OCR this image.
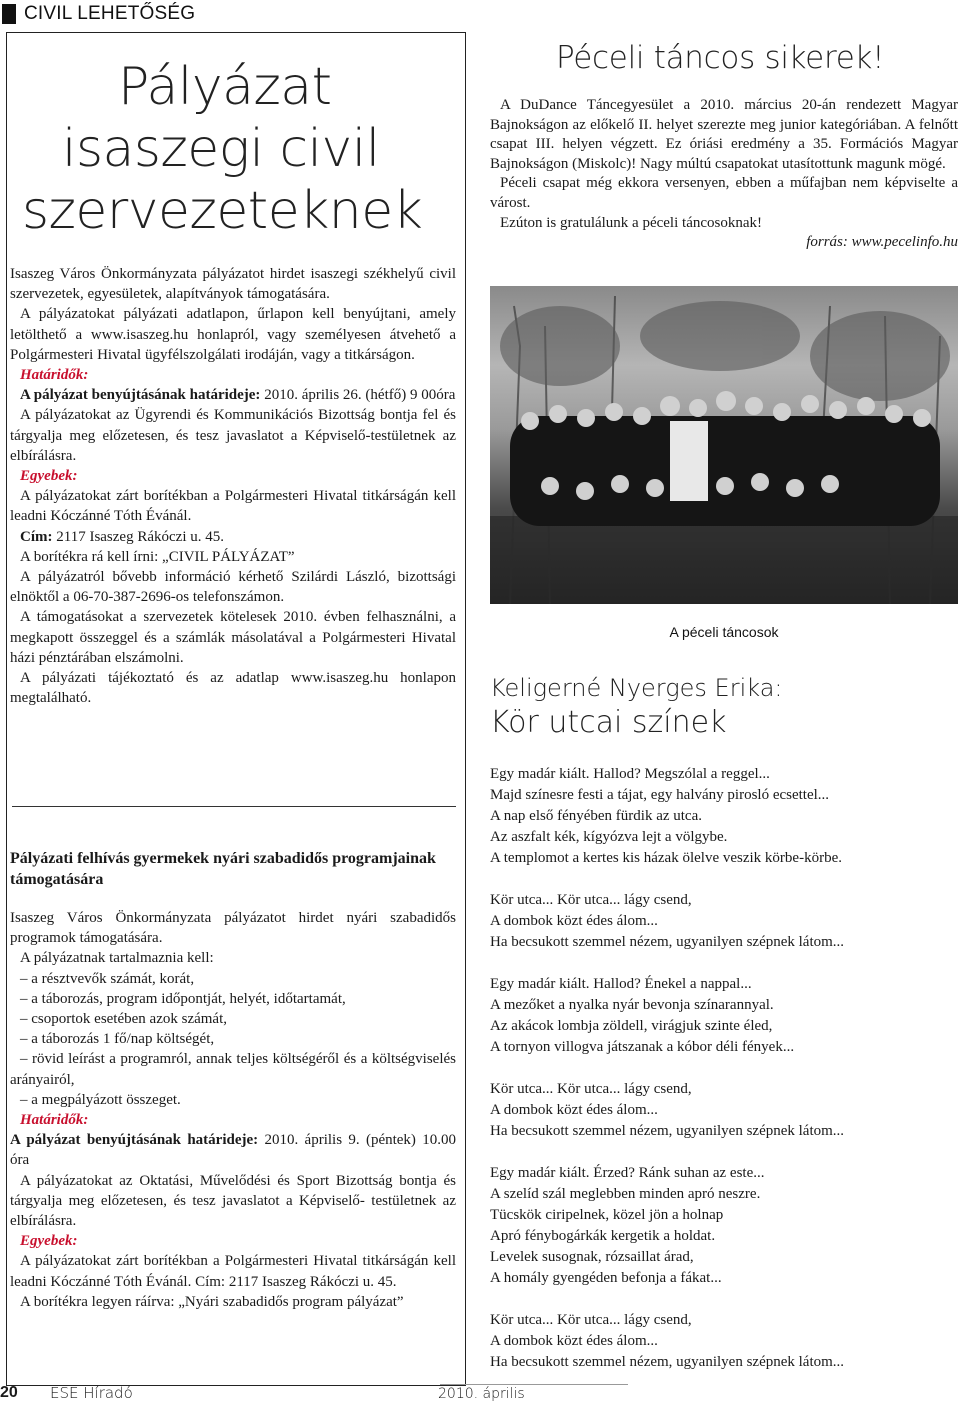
CIVIL LEHETŐSÉG
Pályázat
isaszegi civil
szervezeteknek

Isaszeg Város Önkormányzata pályázatot hirdet isaszegi székhelyű civil szervezetek, egyesületek, alapítványok támogatására.

A pályázatokat pályázati adatlapon, űrlapon kell benyújtani, amely letölthető a www.isaszeg.hu honlapról, vagy személyesen átvehető a Polgármesteri Hivatal ügyfélszolgálati irodáján, vagy a titkárságon.

Határidők:

A pályázat benyújtásának határideje: 2010. április 26. (hétfő) 9 00óra

A pályázatokat az Ügyrendi és Kommunikációs Bizottság bontja fel és tárgyalja meg előzetesen, és tesz javaslatot a Képviselő-testületnek az elbírálásra.

Egyebek:

A pályázatokat zárt borítékban a Polgármesteri Hivatal titkárságán kell leadni Kóczánné Tóth Évánál.

Cím: 2117 Isaszeg Rákóczi u. 45.

A borítékra rá kell írni: „CIVIL PÁLYÁZAT”

A pályázatról bővebb információ kérhető Szilárdi László, bizottsági elnöktől a 06-70-387-2696-os telefonszámon.

A támogatásokat a szervezetek kötelesek 2010. évben felhasználni, a megkapott összeggel és a számlák másolatával a Polgármesteri Hivatal házi pénztárában elszámolni.

A pályázati tájékoztató és az adatlap www.isaszeg.hu honlapon megtalálható.

Pályázati felhívás gyermekek nyári szabadidős programjainak támogatására

Isaszeg Város Önkormányzata pályázatot hirdet nyári szabadidős programok támogatására.

A pályázatnak tartalmaznia kell:

– a résztvevők számát, korát,

– a táborozás, program időpontját, helyét, időtartamát,

– csoportok esetében azok számát,

– a táborozás 1 fő/nap költségét,

– rövid leírást a programról, annak teljes költségéről és a költségviselés arányairól,

– a megpályázott összeget.

Határidők:

A pályázat benyújtásának határideje: 2010. április 9. (péntek) 10.00 óra

A pályázatokat az Oktatási, Művelődési és Sport Bizottság bontja és tárgyalja meg előzetesen, és tesz javaslatot a Képviselő- testületnek az elbírálásra.

Egyebek:

A pályázatokat zárt borítékban a Polgármesteri Hivatal titkárságán kell leadni Kóczánné Tóth Évánál. Cím: 2117 Isaszeg Rákóczi u. 45.

A borítékra legyen ráírva: „Nyári szabadidős program pályázat”

Péceli táncos sikerek!

A DuDance Táncegyesület a 2010. március 20-án rendezett Magyar Bajnokságon az előkelő II. helyet szerezte meg junior kategóriában. A felnőtt csapat III. helyen végzett. Ez óriási eredmény a 35. Formációs Magyar Bajnokságon (Miskolc)! Nagy múltú csapatokat utasítottunk magunk mögé.

Péceli csapat még ekkora versenyen, ebben a műfajban nem képviselte a várost.

Ezúton is gratulálunk a péceli táncosoknak!

forrás: www.pecelinfo.hu

A péceli táncosok
Keligerné Nyerges Erika:
Kör utcai színek
Egy madár kiált. Hallod? Megszólal a reggel...
Majd színesre festi a tájat, egy halvány pirosló ecsettel...
A nap első fényében fürdik az utca.
Az aszfalt kék, kígyózva lejt a völgybe.
A templomot a kertes kis házak ölelve veszik körbe-körbe.
Kör utca... Kör utca... lágy csend,
A dombok közt édes álom...
Ha becsukott szemmel nézem, ugyanilyen szépnek látom...
Egy madár kiált. Hallod? Énekel a nappal...
A mezőket a nyalka nyár bevonja színarannyal.
Az akácok lombja zöldell, virágjuk szinte éled,
A tornyon villogva játszanak a kóbor déli fények...
Kör utca... Kör utca... lágy csend,
A dombok közt édes álom...
Ha becsukott szemmel nézem, ugyanilyen szépnek látom...
Egy madár kiált. Érzed? Ránk suhan az este...
A szelíd szál meglebben minden apró neszre.
Tücskök ciripelnek, közel jön a holnap
Apró fénybogárkák kergetik a holdat.
Levelek susognak, rózsaillat árad,
A homály gyengéden befonja a fákat...
Kör utca... Kör utca... lágy csend,
A dombok közt édes álom...
Ha becsukott szemmel nézem, ugyanilyen szépnek látom...
20 ESE Híradó	2010. április
